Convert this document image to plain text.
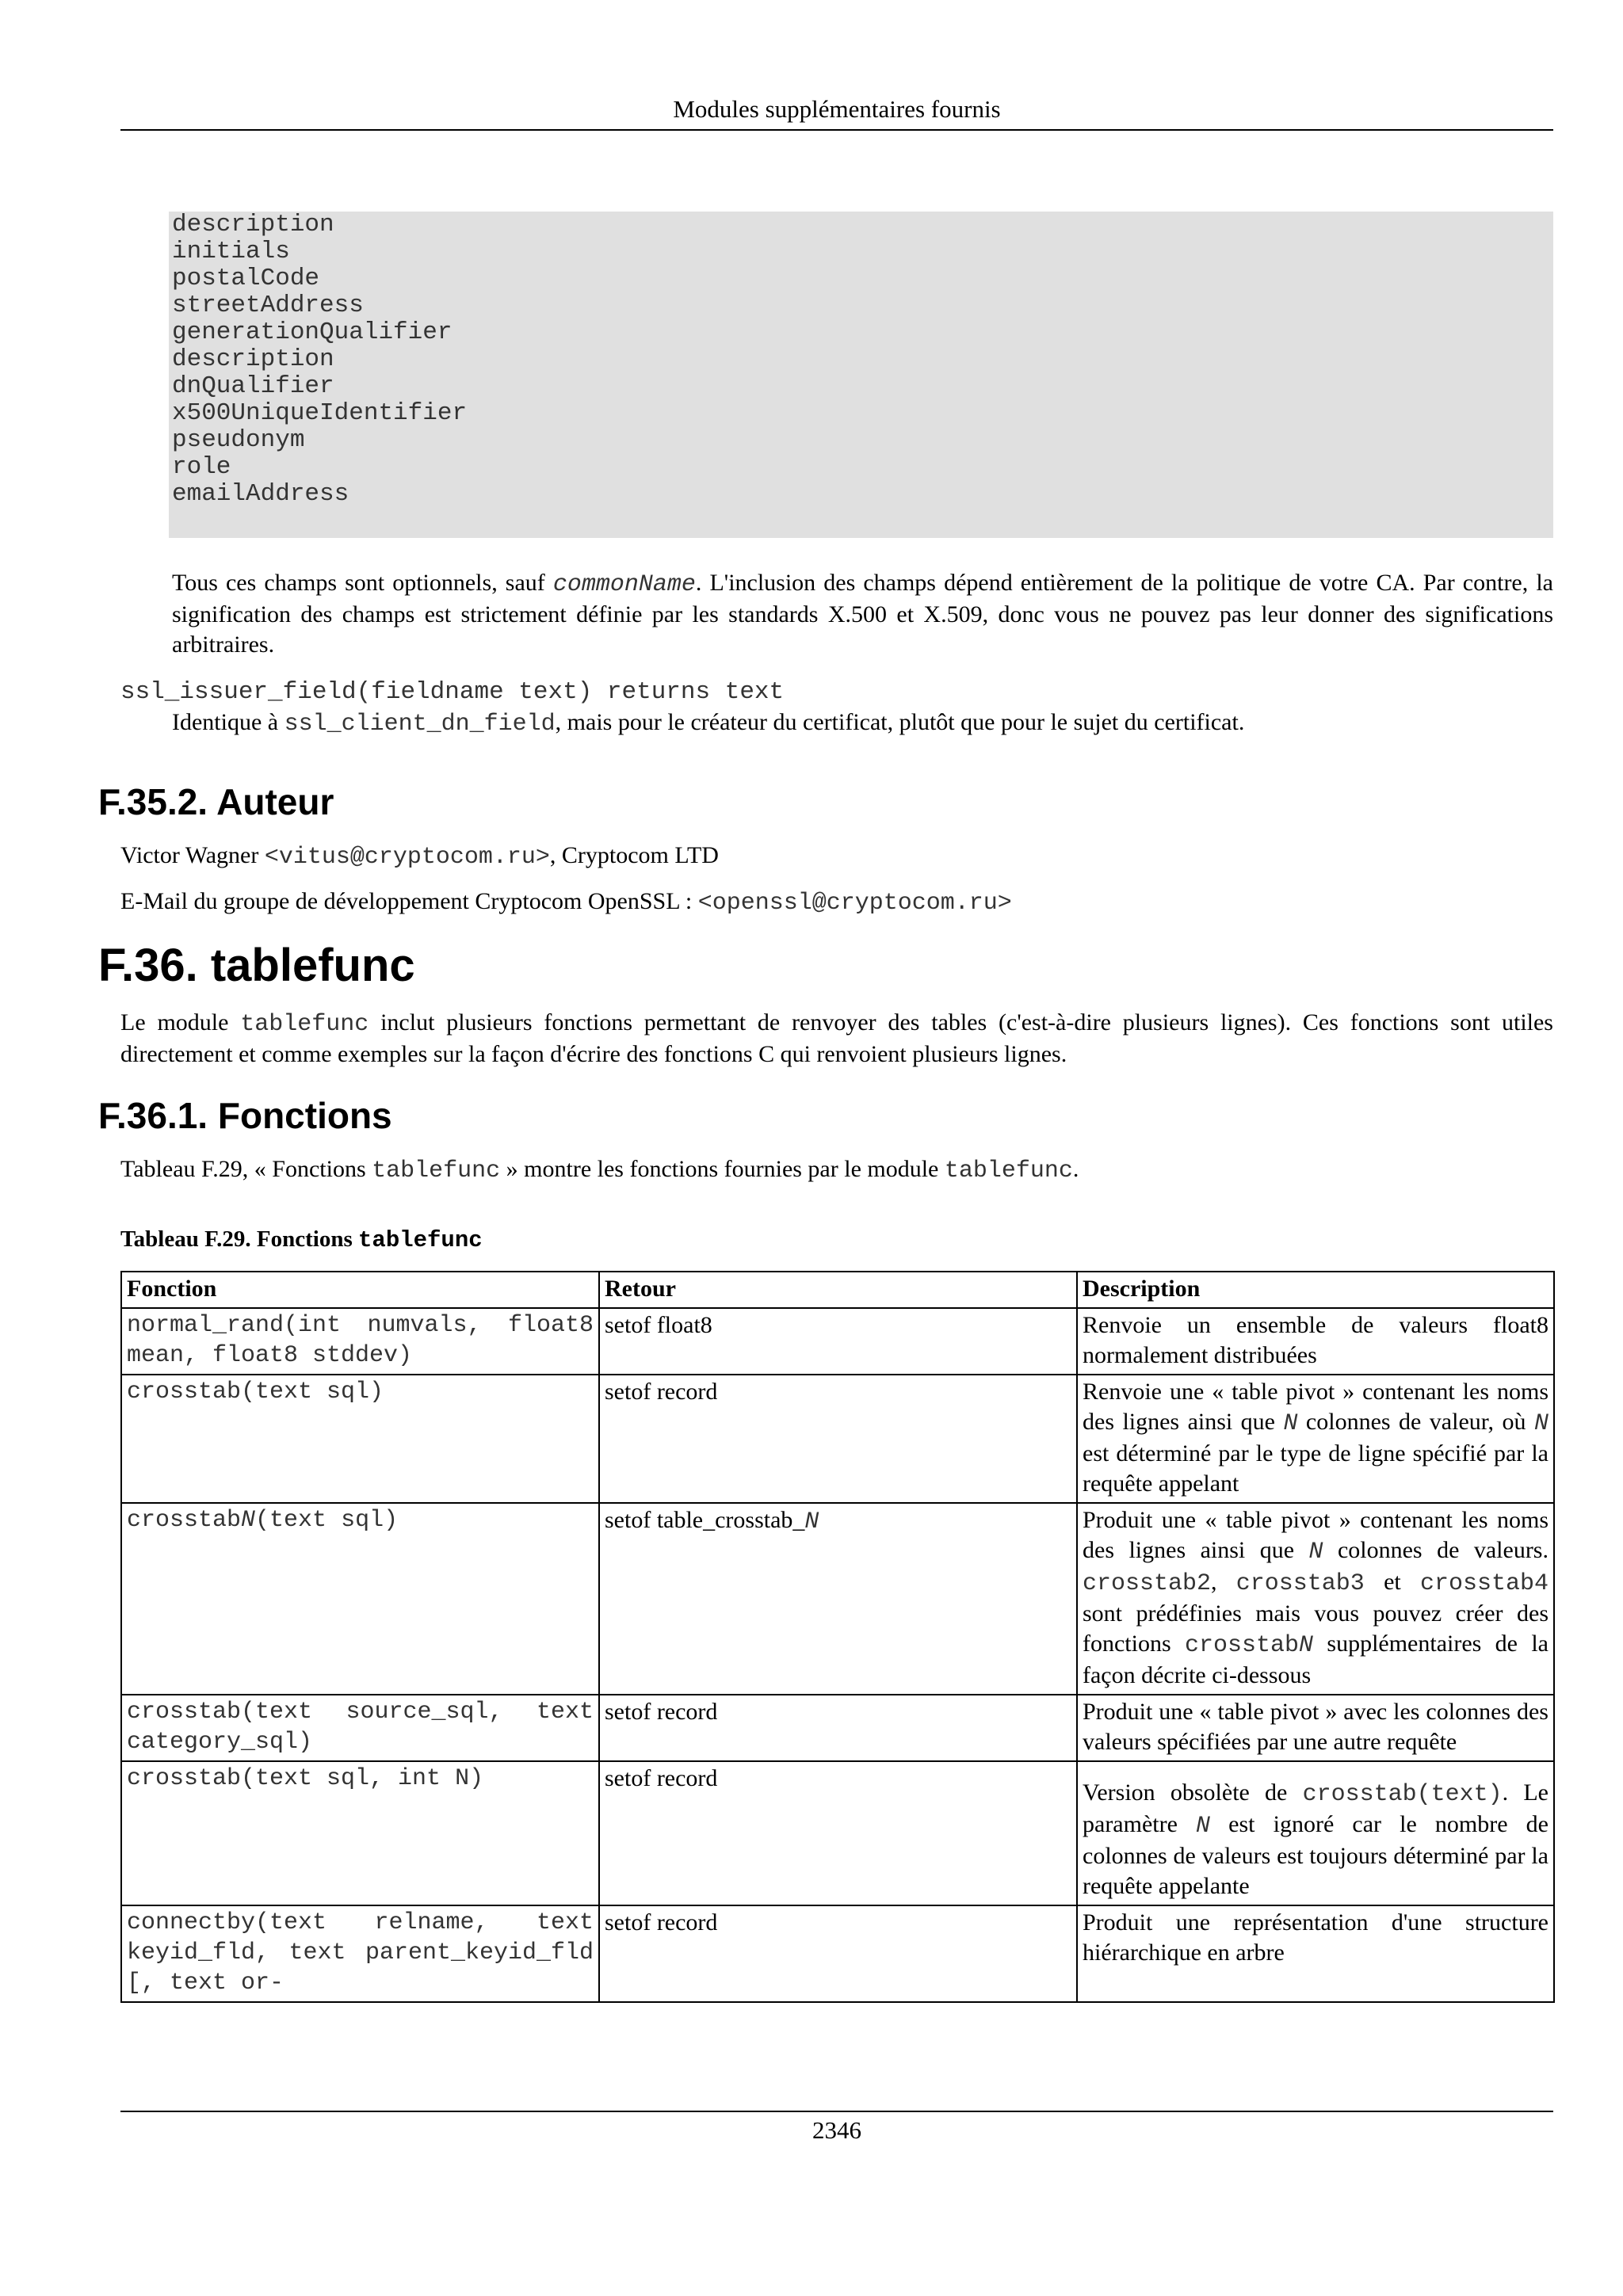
Modules supplémentaires fournis
description
initials
postalCode
streetAddress
generationQualifier
description
dnQualifier
x500UniqueIdentifier
pseudonym
role
emailAddress
Tous ces champs sont optionnels, sauf commonName. L'inclusion des champs dépend entièrement de la politique de votre CA. Par contre, la signification des champs est strictement définie par les standards X.500 et X.509, donc vous ne pouvez pas leur donner des significations arbitraires.
ssl_issuer_field(fieldname text) returns text
Identique à ssl_client_dn_field, mais pour le créateur du certificat, plutôt que pour le sujet du certificat.
F.35.2. Auteur
Victor Wagner <vitus@cryptocom.ru>, Cryptocom LTD
E-Mail du groupe de développement Cryptocom OpenSSL : <openssl@cryptocom.ru>
F.36. tablefunc
Le module tablefunc inclut plusieurs fonctions permettant de renvoyer des tables (c'est-à-dire plusieurs lignes). Ces fonctions sont utiles directement et comme exemples sur la façon d'écrire des fonctions C qui renvoient plusieurs lignes.
F.36.1. Fonctions
Tableau F.29, « Fonctions tablefunc » montre les fonctions fournies par le module tablefunc.
Tableau F.29. Fonctions tablefunc
Fonction	Retour	Description
normal_rand(int numvals, float8 mean, float8 stddev)	setof float8	Renvoie un ensemble de valeurs float8 normalement distribuées
crosstab(text sql)	setof record	Renvoie une « table pivot » contenant les noms des lignes ainsi que N colonnes de valeur, où N est déterminé par le type de ligne spécifié par la requête appelant
crosstabN(text sql)	setof table_crosstab_N	Produit une « table pivot » contenant les noms des lignes ainsi que N colonnes de valeurs. crosstab2, crosstab3 et crosstab4 sont prédéfinies mais vous pouvez créer des fonctions crosstabN supplémentaires de la façon décrite ci-dessous
crosstab(text source_sql, text category_sql)	setof record	Produit une « table pivot » avec les colonnes des valeurs spécifiées par une autre requête
crosstab(text sql, int N)	setof record	Version obsolète de crosstab(text). Le paramètre N est ignoré car le nombre de colonnes de valeurs est toujours déterminé par la requête appelante
connectby(text relname, text keyid_fld, text parent_keyid_fld [, text or-	setof record	Produit une représentation d'une structure hiérarchique en arbre
2346
